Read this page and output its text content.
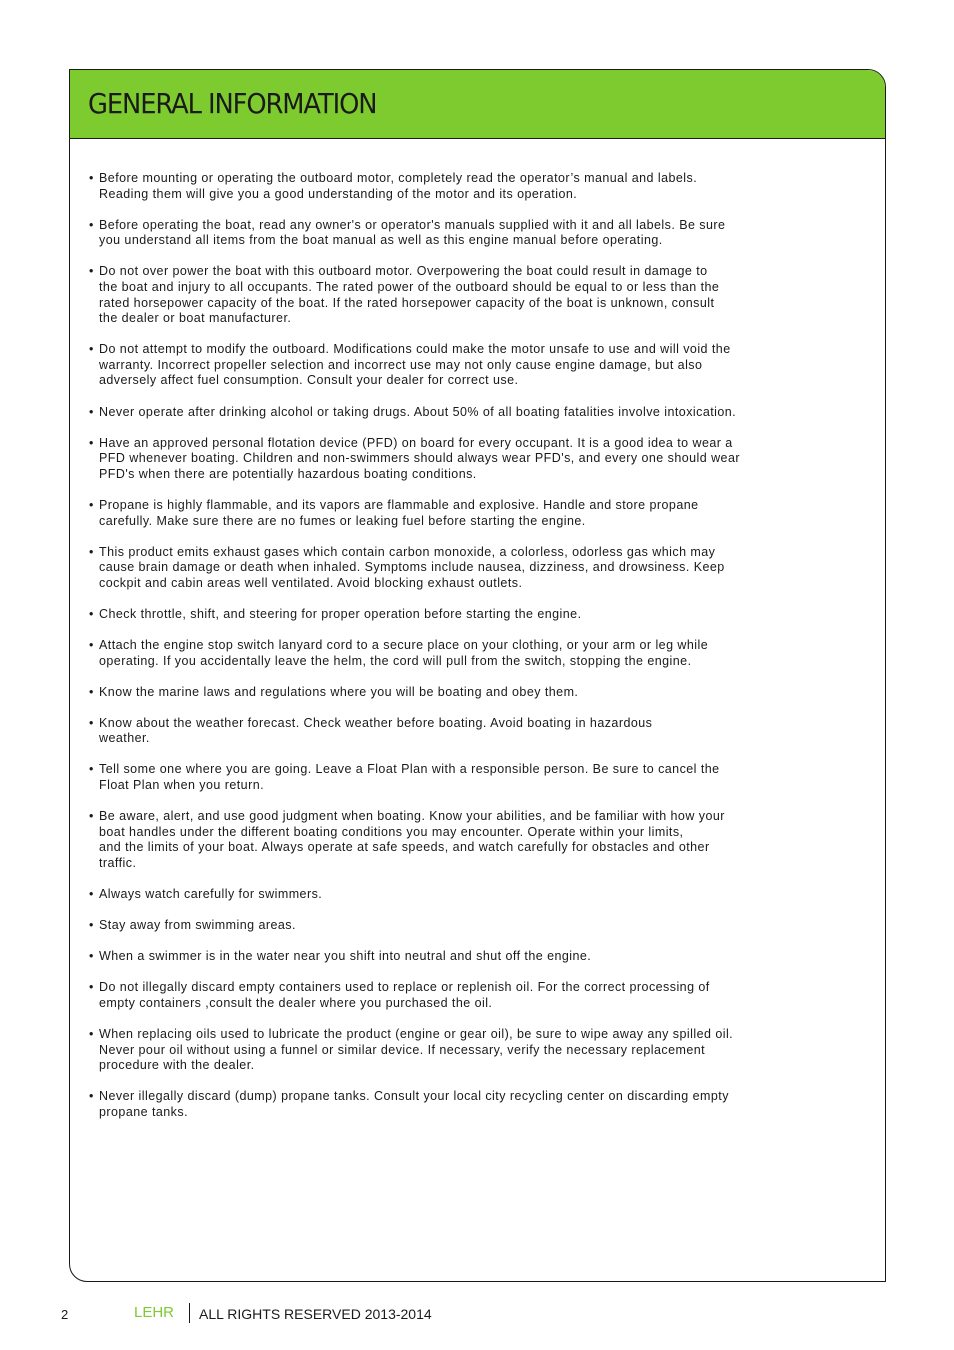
GENERAL INFORMATION
• Before mounting or operating the outboard motor, completely read the operator’s manual and labels.
Reading them will give you a good understanding of the motor and its operation.
• Before operating the boat, read any owner's or operator's manuals supplied with it and all labels. Be sure
you understand all items from the boat manual as well as this engine manual before operating.
• Do not over power the boat with this outboard motor. Overpowering the boat could result in damage to
the boat and injury to all occupants. The rated power of the outboard should be equal to or less than the
rated horsepower capacity of the boat. If the rated horsepower capacity of the boat is unknown, consult
the dealer or boat manufacturer.
• Do not attempt to modify the outboard. Modifications could make the motor unsafe to use and will void the
warranty. Incorrect propeller selection and incorrect use may not only cause engine damage, but also
adversely affect fuel consumption. Consult your dealer for correct use.
• Never operate after drinking alcohol or taking drugs. About 50% of all boating fatalities involve intoxication.
• Have an approved personal flotation device (PFD) on board for every occupant. It is a good idea to wear a
PFD whenever boating. Children and non-swimmers should always wear PFD's, and every one should wear
PFD's when there are potentially hazardous boating conditions.
• Propane is highly flammable, and its vapors are flammable and explosive. Handle and store propane
carefully. Make sure there are no fumes or leaking fuel before starting the engine.
• This product emits exhaust gases which contain carbon monoxide, a colorless, odorless gas which may
cause brain damage or death when inhaled. Symptoms include nausea, dizziness, and drowsiness. Keep
cockpit and cabin areas well ventilated. Avoid blocking exhaust outlets.
• Check throttle, shift, and steering for proper operation before starting the engine.
• Attach the engine stop switch lanyard cord to a secure place on your clothing, or your arm or leg while
operating. If you accidentally leave the helm, the cord will pull from the switch, stopping the engine.
• Know the marine laws and regulations where you will be boating and obey them.
• Know about the weather forecast. Check weather before boating. Avoid boating in hazardous
weather.
• Tell some one where you are going. Leave a Float Plan with a responsible person. Be sure to cancel the
Float Plan when you return.
• Be aware, alert, and use good judgment when boating. Know your abilities, and be familiar with how your
boat handles under the different boating conditions you may encounter. Operate within your limits,
and the limits of your boat. Always operate at safe speeds, and watch carefully for obstacles and other
traffic.
• Always watch carefully for swimmers.
• Stay away from swimming areas.
• When a swimmer is in the water near you shift into neutral and shut off the engine.
• Do not illegally discard empty containers used to replace or replenish oil. For the correct processing of
empty containers ,consult the dealer where you purchased the oil.
• When replacing oils used to lubricate the product (engine or gear oil), be sure to wipe away any spilled oil.
Never pour oil without using a funnel or similar device. If necessary, verify the necessary replacement
procedure with the dealer.
• Never illegally discard (dump) propane tanks. Consult your local city recycling center on discarding empty
propane tanks.
2	LEHR ALL RIGHTS RESERVED 2013-2014
